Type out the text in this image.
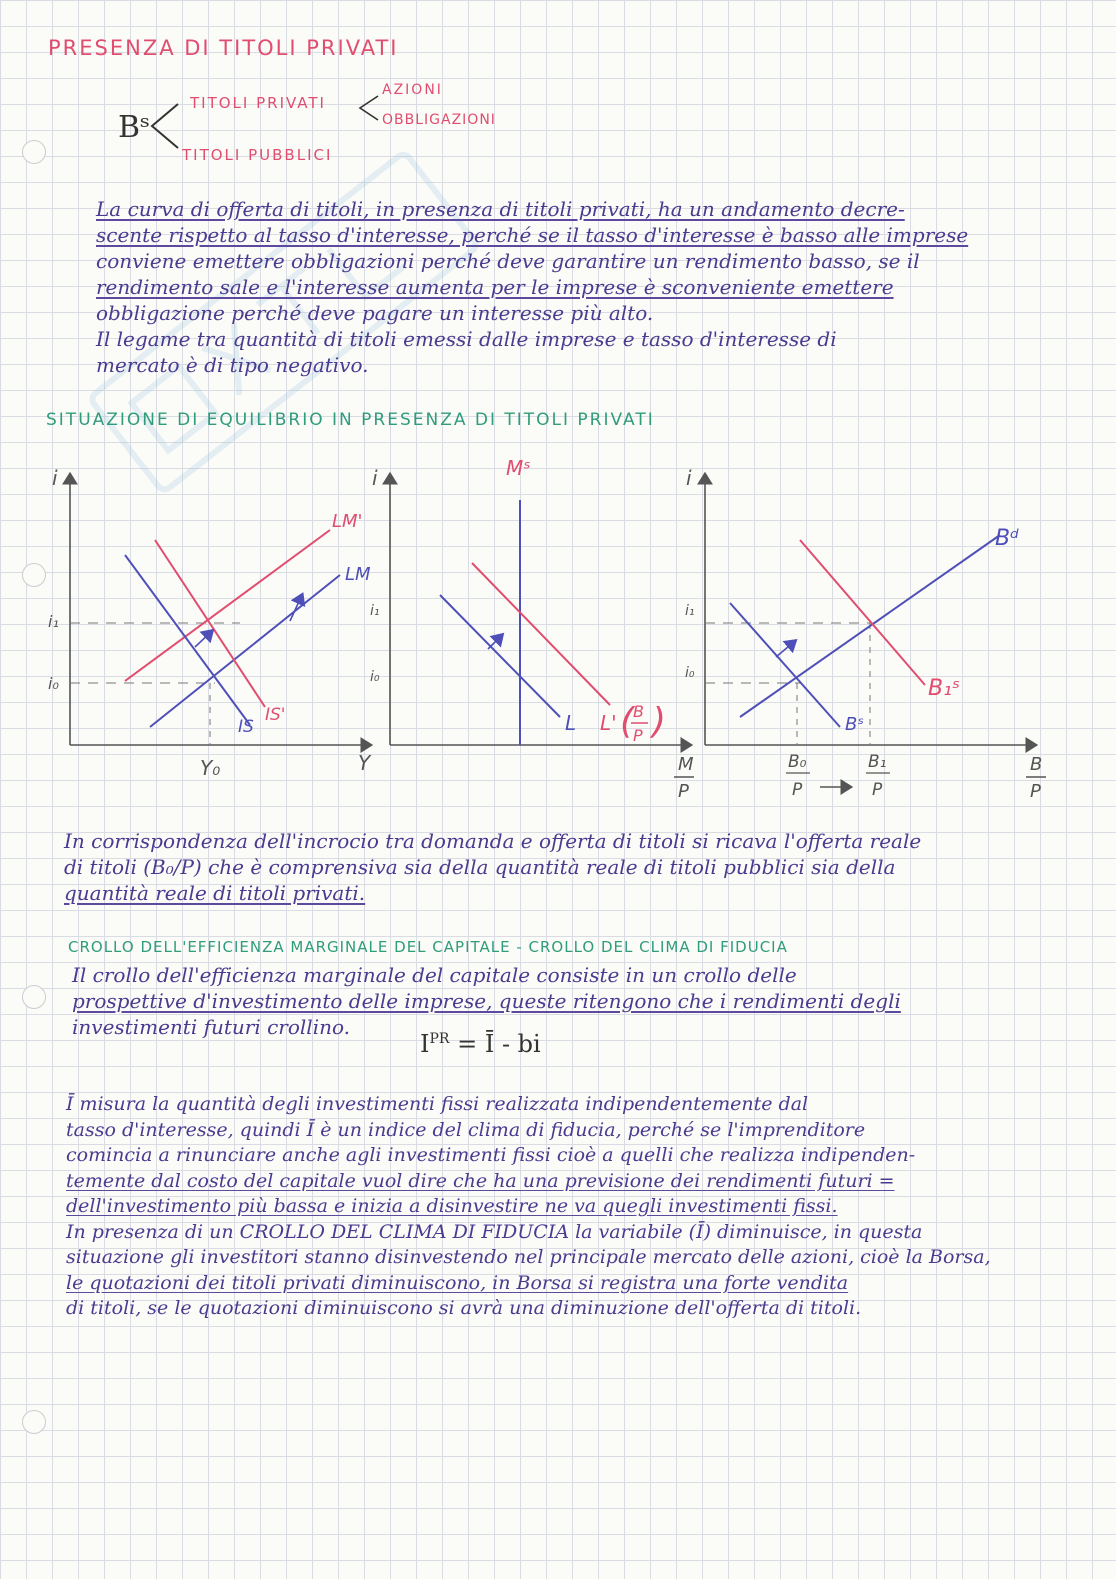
PRESENZA DI TITOLI PRIVATI
Bˢ
TITOLI PRIVATI
AZIONI
OBBLIGAZIONI
TITOLI PUBBLICI

La curva di offerta di titoli, in presenza di titoli privati, ha un andamento decre-

scente rispetto al tasso d'interesse, perché se il tasso d'interesse è basso alle imprese

conviene emettere obbligazioni perché deve garantire un rendimento basso, se il

rendimento sale e l'interesse aumenta per le imprese è sconveniente emettere

obbligazione perché deve pagare un interesse più alto.

Il legame tra quantità di titoli emessi dalle imprese e tasso d'interesse di

mercato è di tipo negativo.

SITUAZIONE DI EQUILIBRIO IN PRESENZA DI TITOLI PRIVATI
i
Y
i₁
i₀
Y₀
LM
LM'
IS
IS'
i
i₁
i₀
Mˢ
L L' (
B
P )
M
P
i
i₁
i₀
Bᵈ
Bˢ
B₁ˢ
B₀
P
B₁
P
B
P

In corrispondenza dell'incrocio tra domanda e offerta di titoli si ricava l'offerta reale

di titoli (B₀/P) che è comprensiva sia della quantità reale di titoli pubblici sia della

quantità reale di titoli privati.

CROLLO DELL'EFFICIENZA MARGINALE DEL CAPITALE - CROLLO DEL CLIMA DI FIDUCIA

Il crollo dell'efficienza marginale del capitale consiste in un crollo delle

prospettive d'investimento delle imprese, queste ritengono che i rendimenti degli

investimenti futuri crollino.

$I^{PR}$ = Ī - bi

Ī misura la quantità degli investimenti fissi realizzata indipendentemente dal

tasso d'interesse, quindi Ī è un indice del clima di fiducia, perché se l'imprenditore

comincia a rinunciare anche agli investimenti fissi cioè a quelli che realizza indipenden-

temente dal costo del capitale vuol dire che ha una previsione dei rendimenti futuri =

dell'investimento più bassa e inizia a disinvestire ne va quegli investimenti fissi.

In presenza di un CROLLO DEL CLIMA DI FIDUCIA la variabile (Ī) diminuisce, in questa

situazione gli investitori stanno disinvestendo nel principale mercato delle azioni, cioè la Borsa,

le quotazioni dei titoli privati diminuiscono, in Borsa si registra una forte vendita

di titoli, se le quotazioni diminuiscono si avrà una diminuzione dell'offerta di titoli.
